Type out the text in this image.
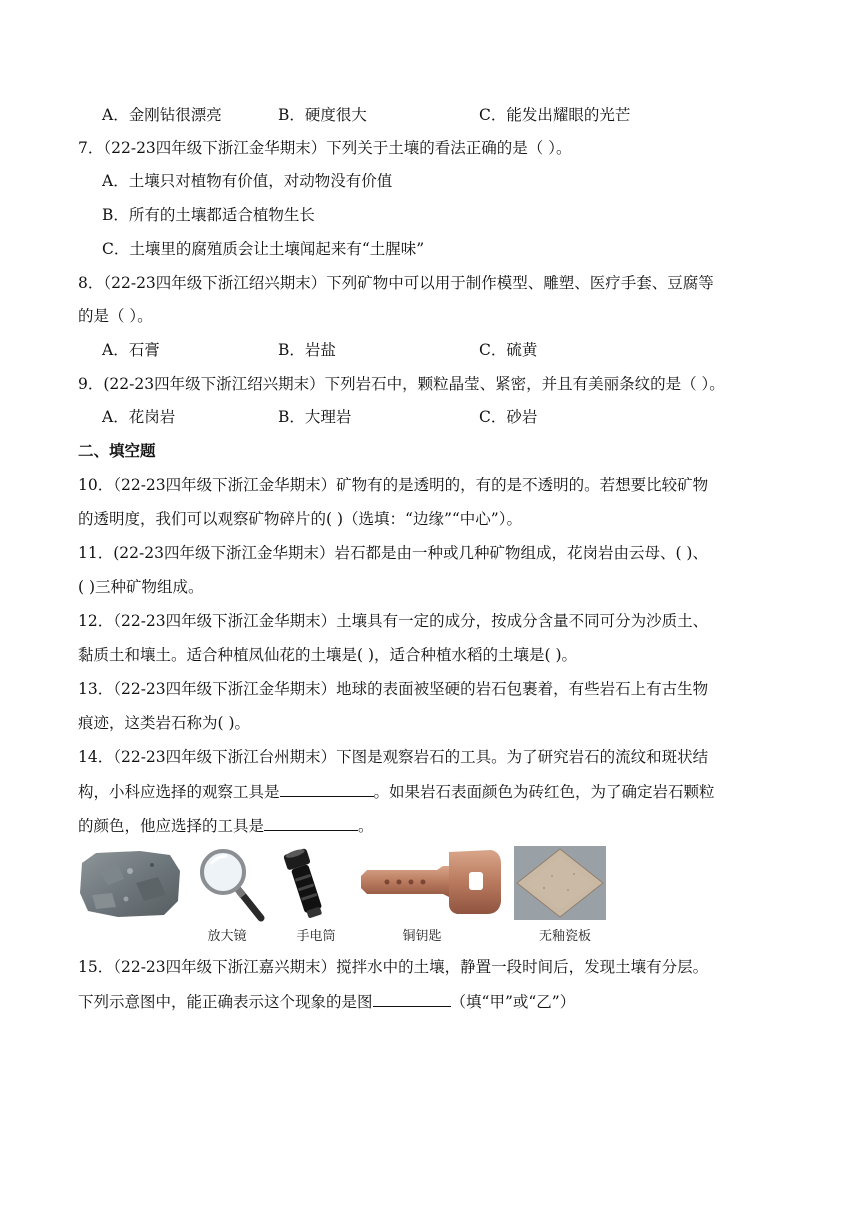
A．金刚钻很漂亮	B．硬度很大	C．能发出耀眼的光芒
7．（22-23四年级下浙江金华期末）下列关于土壤的看法正确的是（ ）。
A．土壤只对植物有价值，对动物没有价值
B．所有的土壤都适合植物生长
C．土壤里的腐殖质会让土壤闻起来有“土腥味”
8．（22-23四年级下浙江绍兴期末）下列矿物中可以用于制作模型、雕塑、医疗手套、豆腐等
的是（ ）。
A．石膏	B．岩盐	C．硫黄
9．(22-23四年级下浙江绍兴期末）下列岩石中，颗粒晶莹、紧密，并且有美丽条纹的是（ ）。
A．花岗岩	B．大理岩	C．砂岩
二、填空题
10．（22-23四年级下浙江金华期末）矿物有的是透明的，有的是不透明的。若想要比较矿物
的透明度，我们可以观察矿物碎片的( )（选填：“边缘”“中心”）。
11．(22-23四年级下浙江金华期末）岩石都是由一种或几种矿物组成，花岗岩由云母、( )、
( )三种矿物组成。
12．（22-23四年级下浙江金华期末）土壤具有一定的成分，按成分含量不同可分为沙质土、
黏质土和壤土。适合种植凤仙花的土壤是( )，适合种植水稻的土壤是( )。
13．（22-23四年级下浙江金华期末）地球的表面被坚硬的岩石包裹着，有些岩石上有古生物
痕迹，这类岩石称为( )。
14．（22-23四年级下浙江台州期末）下图是观察岩石的工具。为了研究岩石的流纹和斑状结
构，小科应选择的观察工具是	。如果岩石表面颜色为砖红色，为了确定岩石颗粒
的颜色，他应选择的工具是	。
放大镜	手电筒	铜钥匙	无釉瓷板
15．（22-23四年级下浙江嘉兴期末）搅拌水中的土壤，静置一段时间后，发现土壤有分层。
下列示意图中，能正确表示这个现象的是图	（填“甲”或“乙”）
